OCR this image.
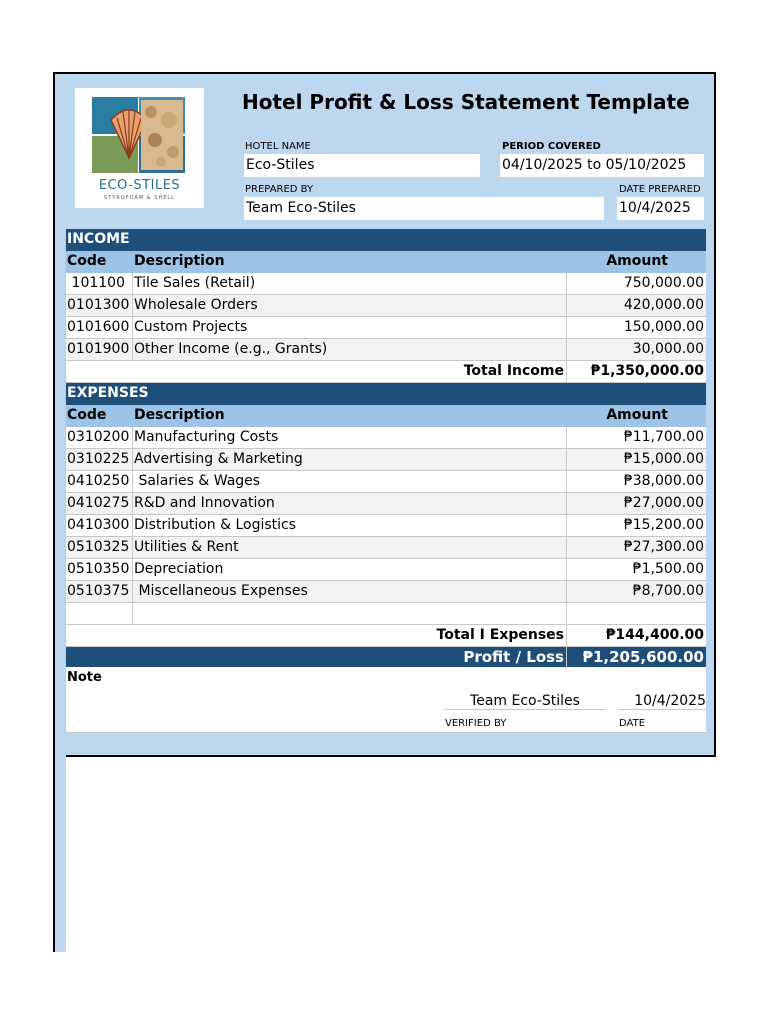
ECO-STILES
STYROFOAM & SHELL
Hotel Profit & Loss Statement Template
HOTEL NAME
Eco-Stiles
PERIOD COVERED
04/10/2025 to 05/10/2025
PREPARED BY
Team Eco-Stiles
DATE PREPARED
10/4/2025
INCOME
Code	Description	Amount
101100 Tile Sales (Retail)	750,000.00
0101300 Wholesale Orders	420,000.00
0101600 Custom Projects	150,000.00
0101900 Other Income (e.g., Grants)	30,000.00
Total Income	₱1,350,000.00
EXPENSES
Code	Description	Amount
0310200 Manufacturing Costs	₱11,700.00
0310225 Advertising & Marketing	₱15,000.00
0410250 Salaries & Wages	₱38,000.00
0410275 R&D and Innovation	₱27,000.00
0410300 Distribution & Logistics	₱15,200.00
0510325 Utilities & Rent	₱27,300.00
0510350 Depreciation	₱1,500.00
0510375 Miscellaneous Expenses	₱8,700.00
Total I Expenses	₱144,400.00
Profit / Loss	₱1,205,600.00
Note
Team Eco-Stiles
VERIFIED BY
10/4/2025
DATE
